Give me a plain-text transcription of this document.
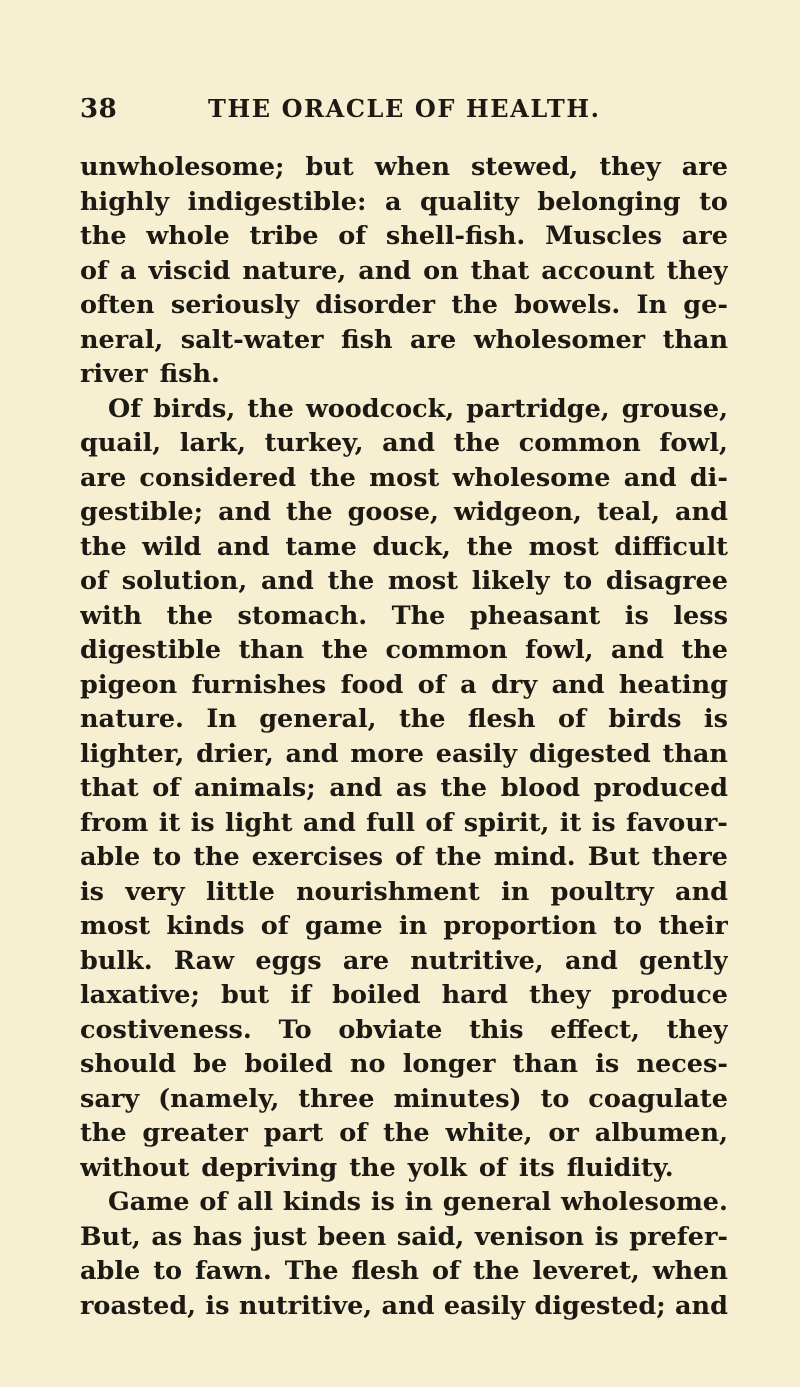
38	THE ORACLE OF HEALTH.
unwholesome; but when stewed, they are
highly indigestible: a quality belonging to
the whole tribe of shell-fish. Muscles are
of a viscid nature, and on that account they
often seriously disorder the bowels. In ge-
neral, salt-water fish are wholesomer than
river fish.
Of birds, the woodcock, partridge, grouse,
quail, lark, turkey, and the common fowl,
are considered the most wholesome and di-
gestible; and the goose, widgeon, teal, and
the wild and tame duck, the most difficult
of solution, and the most likely to disagree
with the stomach. The pheasant is less
digestible than the common fowl, and the
pigeon furnishes food of a dry and heating
nature. In general, the flesh of birds is
lighter, drier, and more easily digested than
that of animals; and as the blood produced
from it is light and full of spirit, it is favour-
able to the exercises of the mind. But there
is very little nourishment in poultry and
most kinds of game in proportion to their
bulk. Raw eggs are nutritive, and gently
laxative; but if boiled hard they produce
costiveness. To obviate this effect, they
should be boiled no longer than is neces-
sary (namely, three minutes) to coagulate
the greater part of the white, or albumen,
without depriving the yolk of its fluidity.
Game of all kinds is in general wholesome.
But, as has just been said, venison is prefer-
able to fawn. The flesh of the leveret, when
roasted, is nutritive, and easily digested; and
